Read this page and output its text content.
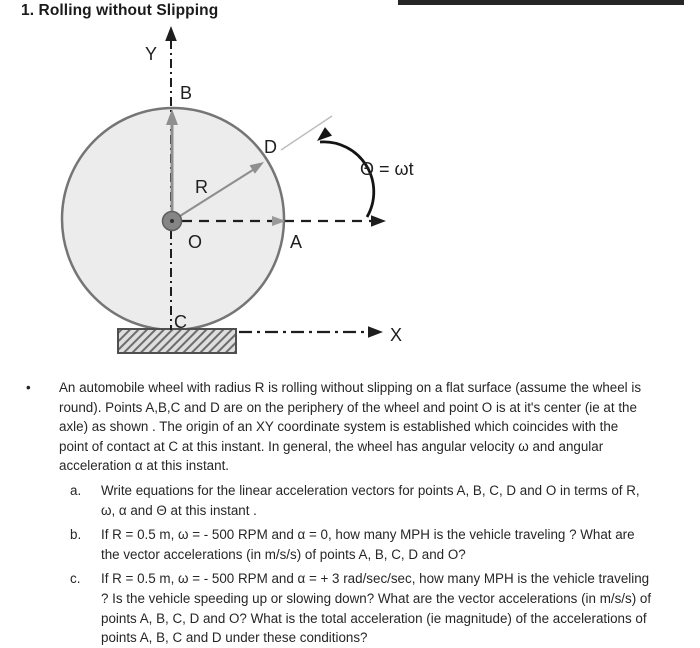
1. Rolling without Slipping
Y
B
D
R
O	A
C
X
Θ = ωt
•	An automobile wheel with radius R is rolling without slipping on a flat surface (assume the wheel is round). Points A,B,C and D are on the periphery of the wheel and point O is at it's center (ie at the axle) as shown . The origin of an XY coordinate system is established which coincides with the point of contact at C at this instant. In general, the wheel has angular velocity ω and angular acceleration α at this instant.
a.	Write equations for the linear acceleration vectors for points A, B, C, D and O in terms of R, ω, α and Θ at this instant .
b.	If R = 0.5 m, ω = - 500 RPM and α = 0, how many MPH is the vehicle traveling ? What are the vector accelerations (in m/s/s) of points A, B, C, D and O?
c.	If R = 0.5 m, ω = - 500 RPM and α = + 3 rad/sec/sec, how many MPH is the vehicle traveling ? Is the vehicle speeding up or slowing down? What are the vector accelerations (in m/s/s) of points A, B, C, D and O? What is the total acceleration (ie magnitude) of the accelerations of points A, B, C and D under these conditions?
